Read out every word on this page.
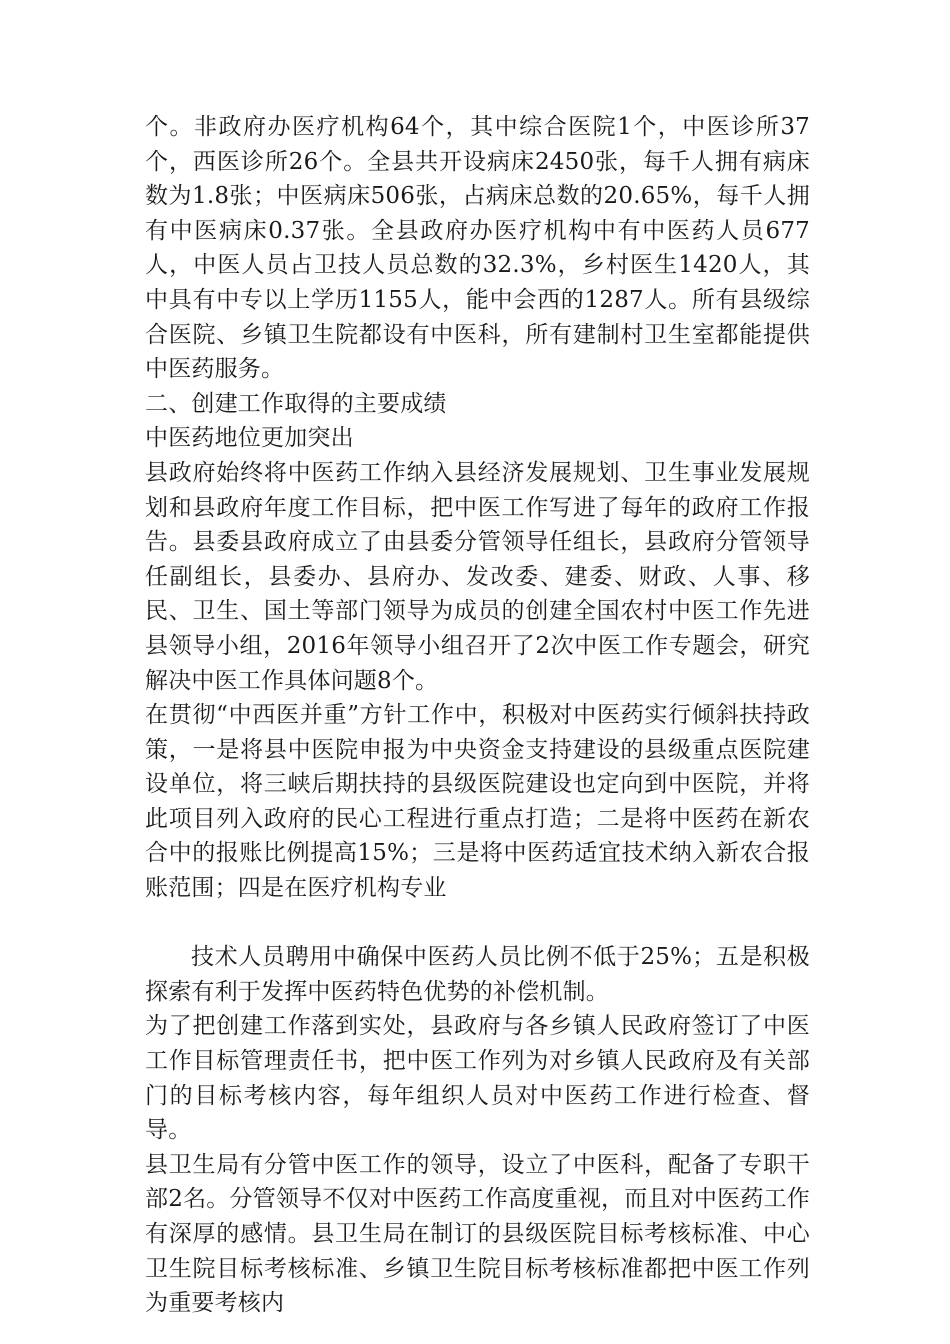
个。非政府办医疗机构64个，其中综合医院1个，中医诊所37个，西医诊所26个。全县共开设病床2450张，每千人拥有病床数为1.8张；中医病床506张，占病床总数的20.65%，每千人拥有中医病床0.37张。全县政府办医疗机构中有中医药人员677人，中医人员占卫技人员总数的32.3%，乡村医生1420人，其中具有中专以上学历1155人，能中会西的1287人。所有县级综合医院、乡镇卫生院都设有中医科，所有建制村卫生室都能提供中医药服务。

二、创建工作取得的主要成绩

中医药地位更加突出

县政府始终将中医药工作纳入县经济发展规划、卫生事业发展规划和县政府年度工作目标，把中医工作写进了每年的政府工作报告。县委县政府成立了由县委分管领导任组长，县政府分管领导任副组长，县委办、县府办、发改委、建委、财政、人事、移民、卫生、国土等部门领导为成员的创建全国农村中医工作先进县领导小组，2016年领导小组召开了2次中医工作专题会，研究解决中医工作具体问题8个。

在贯彻“中西医并重”方针工作中，积极对中医药实行倾斜扶持政策，一是将县中医院申报为中央资金支持建设的县级重点医院建设单位，将三峡后期扶持的县级医院建设也定向到中医院，并将此项目列入政府的民心工程进行重点打造；二是将中医药在新农合中的报账比例提高15%；三是将中医药适宜技术纳入新农合报账范围；四是在医疗机构专业

技术人员聘用中确保中医药人员比例不低于25%；五是积极探索有利于发挥中医药特色优势的补偿机制。

为了把创建工作落到实处，县政府与各乡镇人民政府签订了中医工作目标管理责任书，把中医工作列为对乡镇人民政府及有关部门的目标考核内容，每年组织人员对中医药工作进行检查、督导。

县卫生局有分管中医工作的领导，设立了中医科，配备了专职干部2名。分管领导不仅对中医药工作高度重视，而且对中医药工作有深厚的感情。县卫生局在制订的县级医院目标考核标准、中心卫生院目标考核标准、乡镇卫生院目标考核标准都把中医工作列为重要考核内
